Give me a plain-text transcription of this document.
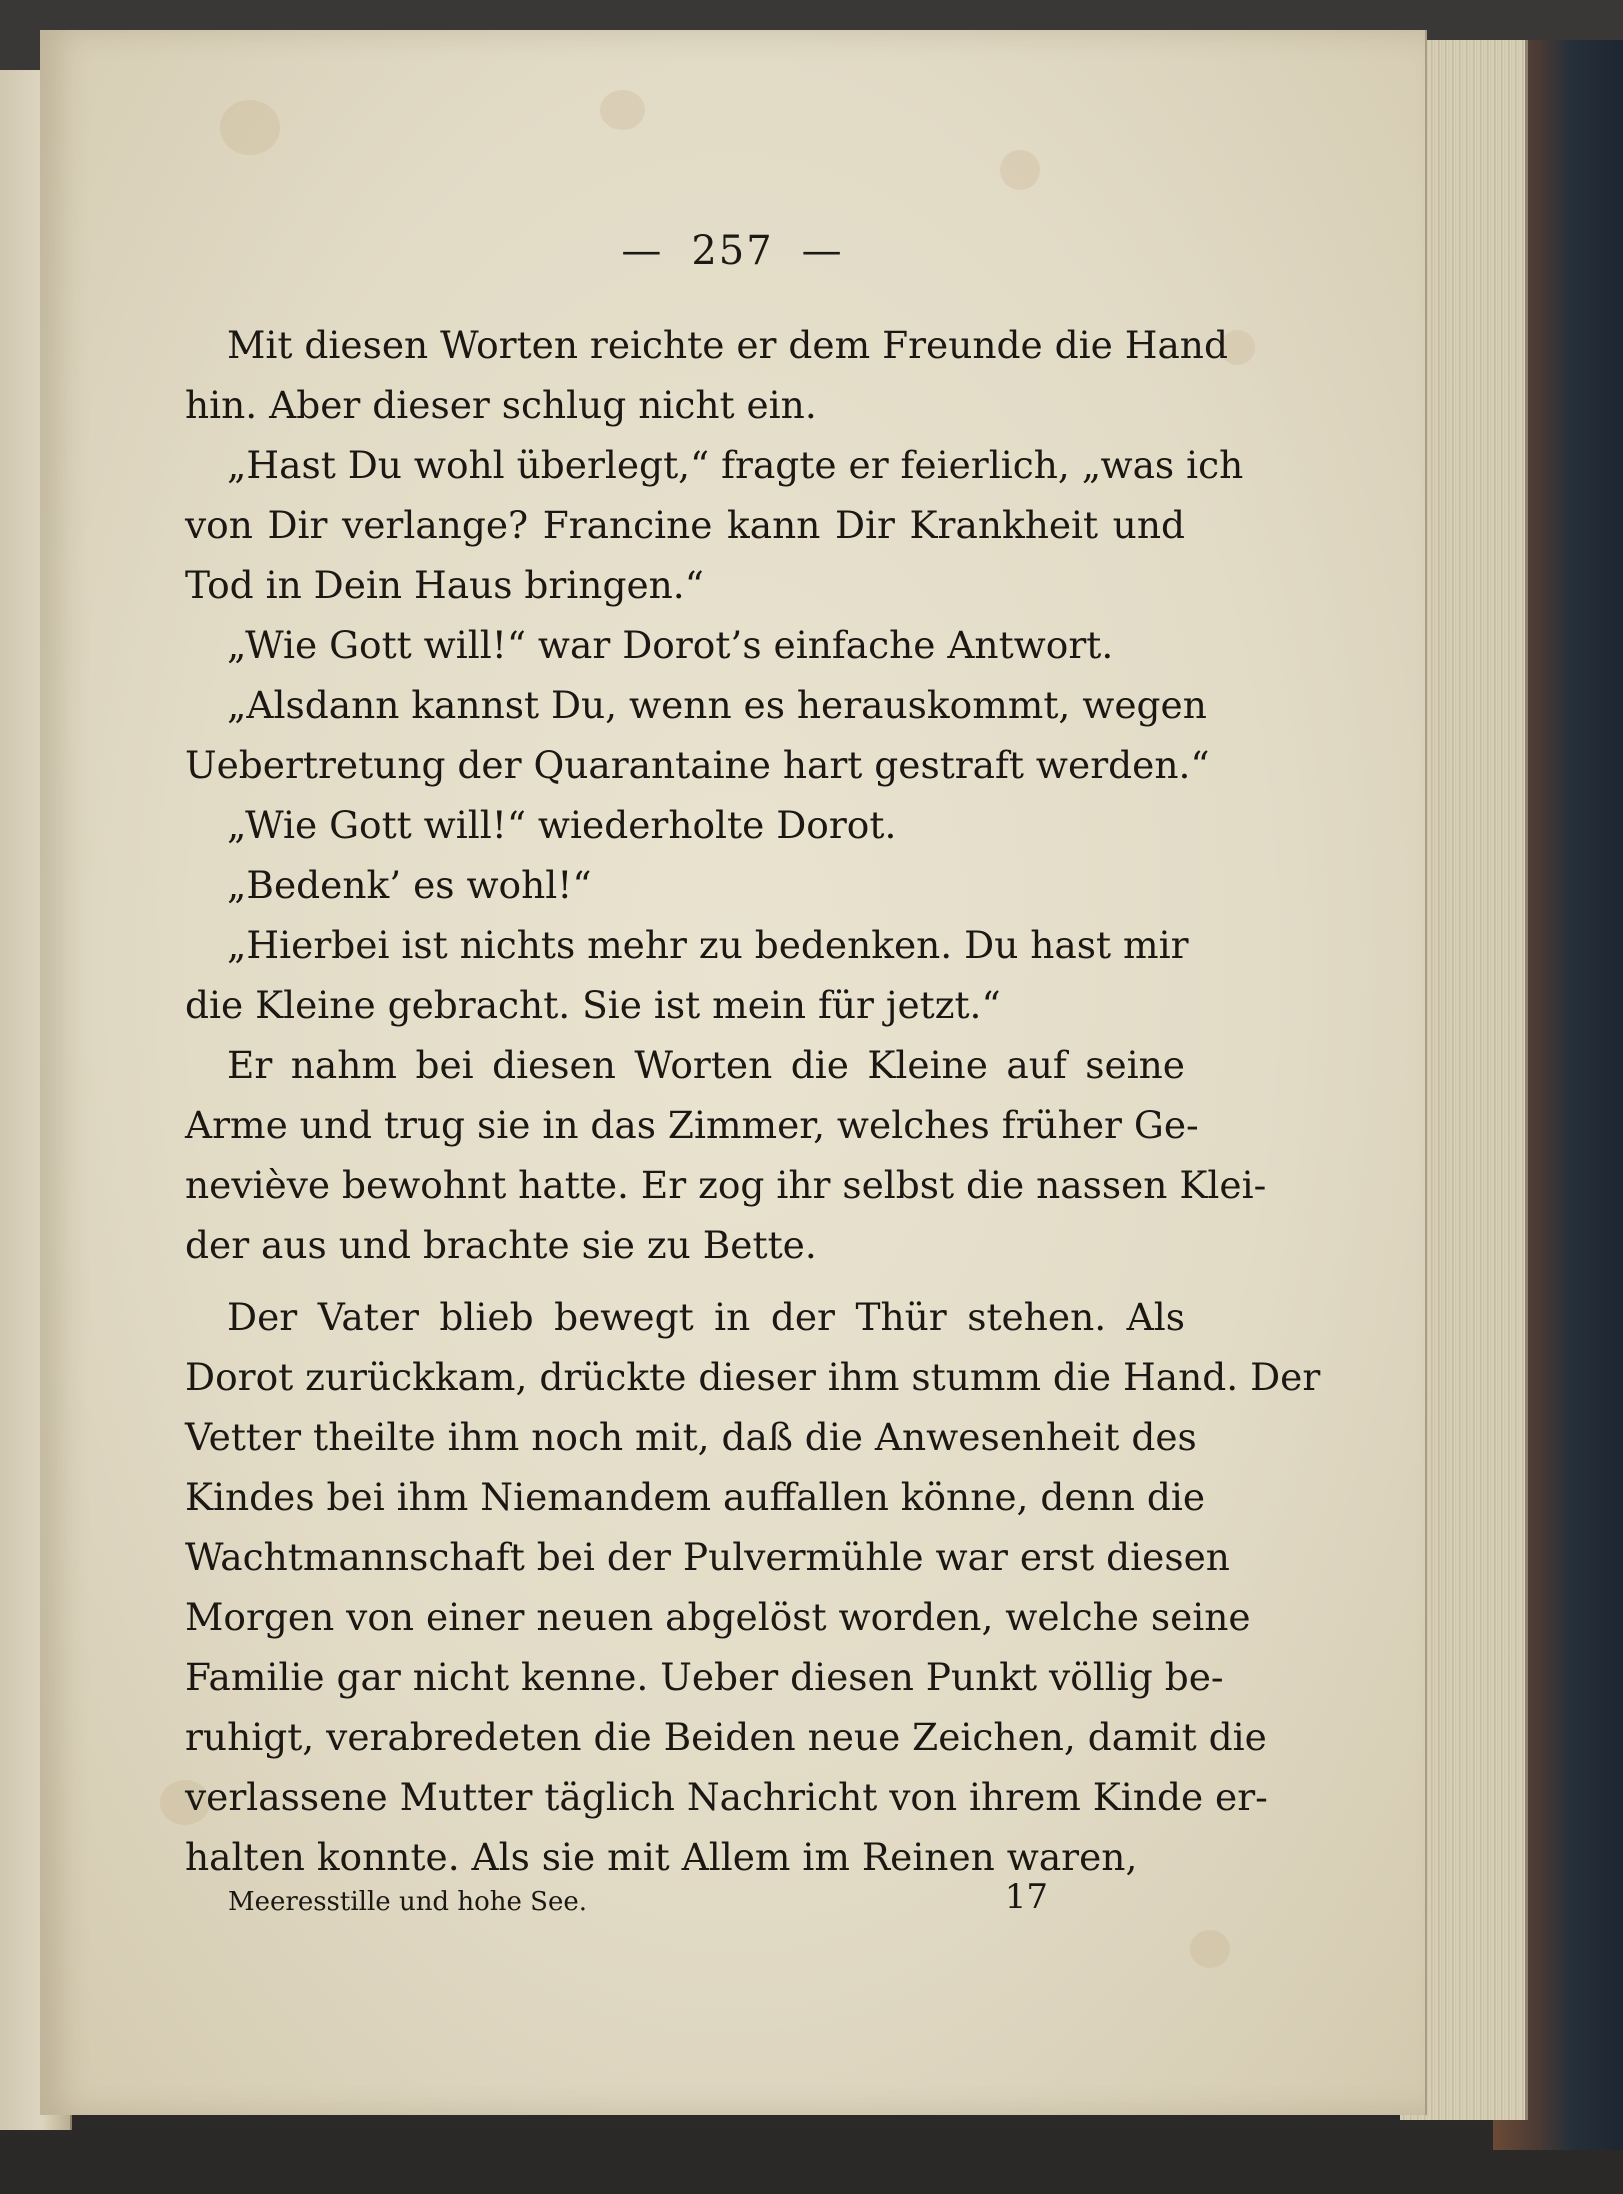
— 257 —
Mit diesen Worten reichte er dem Freunde die Hand
hin. Aber dieser schlug nicht ein.
„Hast Du wohl überlegt,“ fragte er feierlich, „was ich
von Dir verlange? Francine kann Dir Krankheit und
Tod in Dein Haus bringen.“
„Wie Gott will!“ war Dorot’s einfache Antwort.
„Alsdann kannst Du, wenn es herauskommt, wegen
Uebertretung der Quarantaine hart gestraft werden.“
„Wie Gott will!“ wiederholte Dorot.
„Bedenk’ es wohl!“
„Hierbei ist nichts mehr zu bedenken. Du hast mir
die Kleine gebracht. Sie ist mein für jetzt.“
Er nahm bei diesen Worten die Kleine auf seine
Arme und trug sie in das Zimmer, welches früher Ge-
neviève bewohnt hatte. Er zog ihr selbst die nassen Klei-
der aus und brachte sie zu Bette.
Der Vater blieb bewegt in der Thür stehen. Als
Dorot zurückkam, drückte dieser ihm stumm die Hand. Der
Vetter theilte ihm noch mit, daß die Anwesenheit des
Kindes bei ihm Niemandem auffallen könne, denn die
Wachtmannschaft bei der Pulvermühle war erst diesen
Morgen von einer neuen abgelöst worden, welche seine
Familie gar nicht kenne. Ueber diesen Punkt völlig be-
ruhigt, verabredeten die Beiden neue Zeichen, damit die
verlassene Mutter täglich Nachricht von ihrem Kinde er-
halten konnte. Als sie mit Allem im Reinen waren,
Meeresstille und hohe See.	17
